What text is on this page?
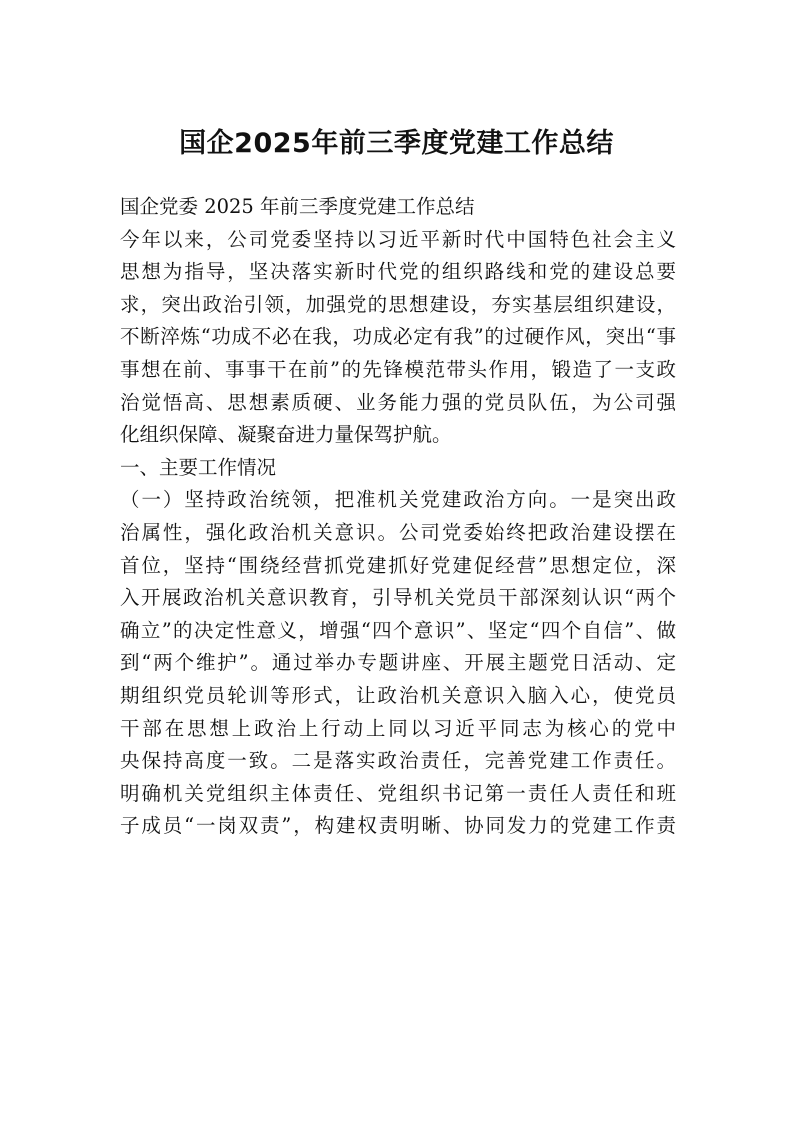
国企2025年前三季度党建工作总结
国企党委 2025 年前三季度党建工作总结
今年以来，公司党委坚持以习近平新时代中国特色社会主义
思想为指导，坚决落实新时代党的组织路线和党的建设总要
求，突出政治引领，加强党的思想建设，夯实基层组织建设，
不断淬炼“功成不必在我，功成必定有我”的过硬作风，突出“事
事想在前、事事干在前”的先锋模范带头作用，锻造了一支政
治觉悟高、思想素质硬、业务能力强的党员队伍，为公司强
化组织保障、凝聚奋进力量保驾护航。
一、主要工作情况
（一）坚持政治统领，把准机关党建政治方向。一是突出政
治属性，强化政治机关意识。公司党委始终把政治建设摆在
首位，坚持“围绕经营抓党建抓好党建促经营”思想定位，深
入开展政治机关意识教育，引导机关党员干部深刻认识“两个
确立”的决定性意义，增强“四个意识”、坚定“四个自信”、做
到“两个维护”。通过举办专题讲座、开展主题党日活动、定
期组织党员轮训等形式，让政治机关意识入脑入心，使党员
干部在思想上政治上行动上同以习近平同志为核心的党中
央保持高度一致。二是落实政治责任，完善党建工作责任。
明确机关党组织主体责任、党组织书记第一责任人责任和班
子成员“一岗双责”，构建权责明晰、协同发力的党建工作责
